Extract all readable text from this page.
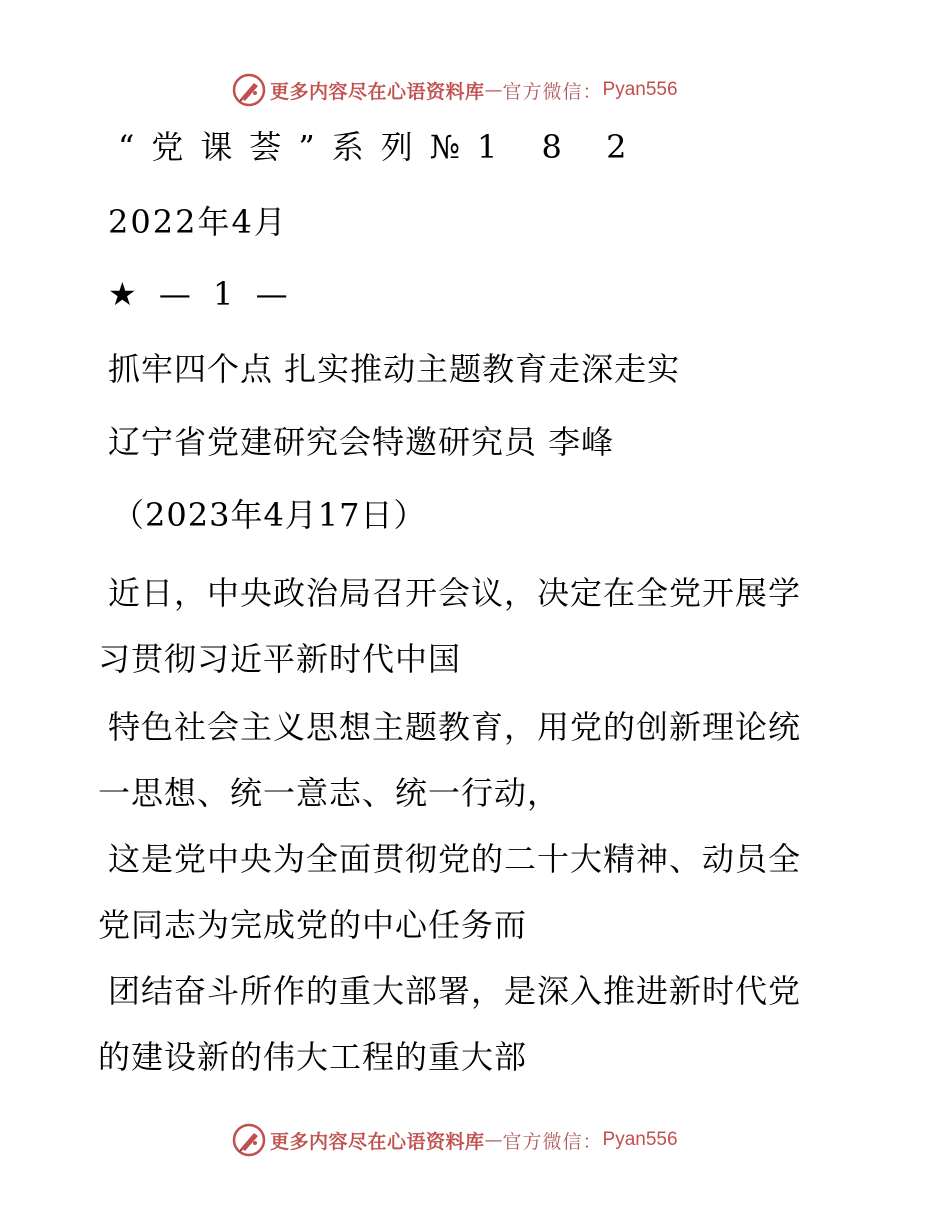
更多内容尽在心语资料库 — 官方微信： Pyan556
“党课荟”系列№1 8 2
2022年4月
★ — 1 —
抓牢四个点 扎实推动主题教育走深走实
辽宁省党建研究会特邀研究员 李峰
（2023年4月17日）
近日，中央政治局召开会议，决定在全党开展学
习贯彻习近平新时代中国
特色社会主义思想主题教育，用党的创新理论统
一思想、统一意志、统一行动，
这是党中央为全面贯彻党的二十大精神、动员全
党同志为完成党的中心任务而
团结奋斗所作的重大部署，是深入推进新时代党
的建设新的伟大工程的重大部
更多内容尽在心语资料库 — 官方微信： Pyan556
